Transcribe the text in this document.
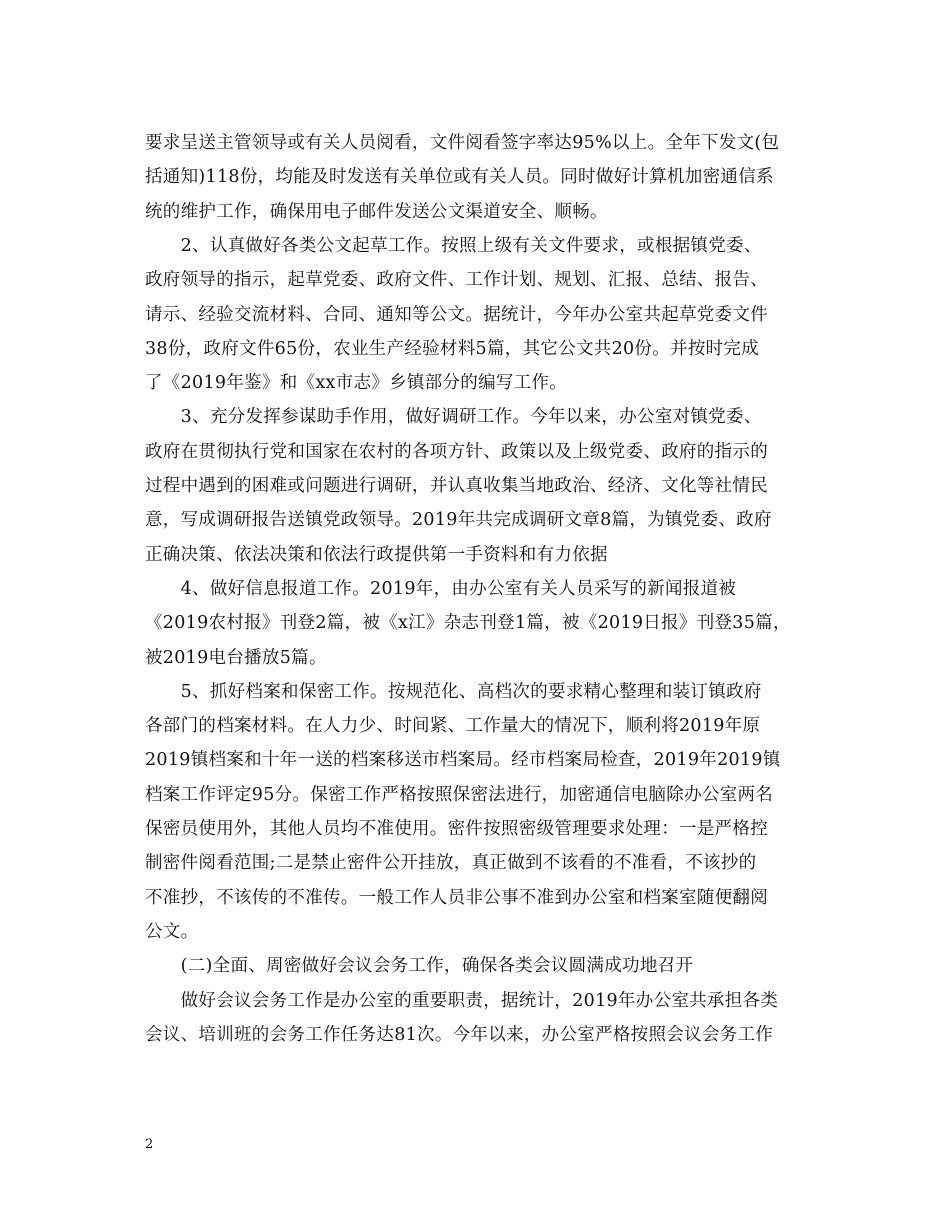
要求呈送主管领导或有关人员阅看，文件阅看签字率达95%以上。全年下发文(包
括通知)118份，均能及时发送有关单位或有关人员。同时做好计算机加密通信系
统的维护工作，确保用电子邮件发送公文渠道安全、顺畅。
　　2、认真做好各类公文起草工作。按照上级有关文件要求，或根据镇党委、
政府领导的指示，起草党委、政府文件、工作计划、规划、汇报、总结、报告、
请示、经验交流材料、合同、通知等公文。据统计，今年办公室共起草党委文件
38份，政府文件65份，农业生产经验材料5篇，其它公文共20份。并按时完成
了《2019年鉴》和《xx市志》乡镇部分的编写工作。
　　3、充分发挥参谋助手作用，做好调研工作。今年以来，办公室对镇党委、
政府在贯彻执行党和国家在农村的各项方针、政策以及上级党委、政府的指示的
过程中遇到的困难或问题进行调研，并认真收集当地政治、经济、文化等社情民
意，写成调研报告送镇党政领导。2019年共完成调研文章8篇，为镇党委、政府
正确决策、依法决策和依法行政提供第一手资料和有力依据
　　4、做好信息报道工作。2019年，由办公室有关人员采写的新闻报道被
《2019农村报》刊登2篇，被《x江》杂志刊登1篇，被《2019日报》刊登35篇，
被2019电台播放5篇。
　　5、抓好档案和保密工作。按规范化、高档次的要求精心整理和装订镇政府
各部门的档案材料。在人力少、时间紧、工作量大的情况下，顺利将2019年原
2019镇档案和十年一送的档案移送市档案局。经市档案局检查，2019年2019镇
档案工作评定95分。保密工作严格按照保密法进行，加密通信电脑除办公室两名
保密员使用外，其他人员均不准使用。密件按照密级管理要求处理：一是严格控
制密件阅看范围;二是禁止密件公开挂放，真正做到不该看的不准看，不该抄的
不准抄，不该传的不准传。一般工作人员非公事不准到办公室和档案室随便翻阅
公文。
　　(二)全面、周密做好会议会务工作，确保各类会议圆满成功地召开
　　做好会议会务工作是办公室的重要职责，据统计，2019年办公室共承担各类
会议、培训班的会务工作任务达81次。今年以来，办公室严格按照会议会务工作
2
